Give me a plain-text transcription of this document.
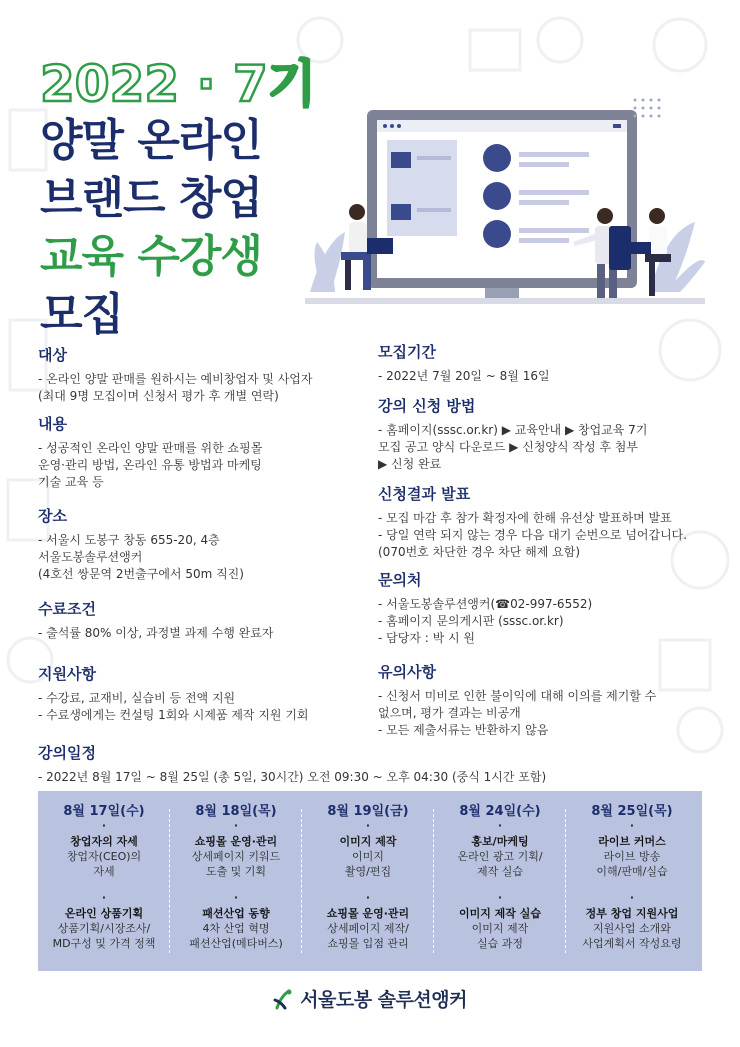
2022 · 7기
양말 온라인
브랜드 창업
교육 수강생
모집
대상
- 온라인 양말 판매를 원하시는 예비창업자 및 사업자
(최대 9명 모집이며 신청서 평가 후 개별 연락)
내용
- 성공적인 온라인 양말 판매를 위한 쇼핑몰
운영·관리 방법, 온라인 유통 방법과 마케팅
기술 교육 등
장소
- 서울시 도봉구 창동 655-20, 4층
서울도봉솔루션앵커
(4호선 쌍문역 2번출구에서 50m 직진)
수료조건
- 출석률 80% 이상, 과정별 과제 수행 완료자
지원사항
- 수강료, 교재비, 실습비 등 전액 지원
- 수료생에게는 컨설팅 1회와 시제품 제작 지원 기회
모집기간
- 2022년 7월 20일 ~ 8월 16일
강의 신청 방법
- 홈페이지(sssc.or.kr) ▶ 교육안내 ▶ 창업교육 7기
모집 공고 양식 다운로드 ▶ 신청양식 작성 후 첨부
▶ 신청 완료
신청결과 발표
- 모집 마감 후 참가 확정자에 한해 유선상 발표하며 발표
- 당일 연락 되지 않는 경우 다음 대기 순번으로 넘어갑니다.
(070번호 차단한 경우 차단 해제 요함)
문의처
- 서울도봉솔루션앵커(☎02-997-6552)
- 홈페이지 문의게시판 (sssc.or.kr)
- 담당자 : 박 시 원
유의사항
- 신청서 미비로 인한 불이익에 대해 이의를 제기할 수
없으며, 평가 결과는 비공개
- 모든 제출서류는 반환하지 않음
강의일정
- 2022년 8월 17일 ~ 8월 25일 (총 5일, 30시간) 오전 09:30 ~ 오후 04:30 (중식 1시간 포함)
8월 17일(수)
·
창업자의 자세
창업자(CEO)의
자세
·
온라인 상품기획
상품기획/시장조사/
MD구성 및 가격 정책
8월 18일(목)
·
쇼핑몰 운영·관리
상세페이지 키워드
도출 및 기획
·
패션산업 동향
4차 산업 혁명
패션산업(메타버스)
8월 19일(금)
·
이미지 제작
이미지
촬영/편집
·
쇼핑몰 운영·관리
상세페이지 제작/
쇼핑몰 입점 관리
8월 24일(수)
·
홍보/마케팅
온라인 광고 기획/
제작 실습
·
이미지 제작 실습
이미지 제작
실습 과정
8월 25일(목)
·
라이브 커머스
라이브 방송
이해/판매/실습
·
정부 창업 지원사업
지원사업 소개와
사업계획서 작성요령
서울도봉 솔루션앵커
